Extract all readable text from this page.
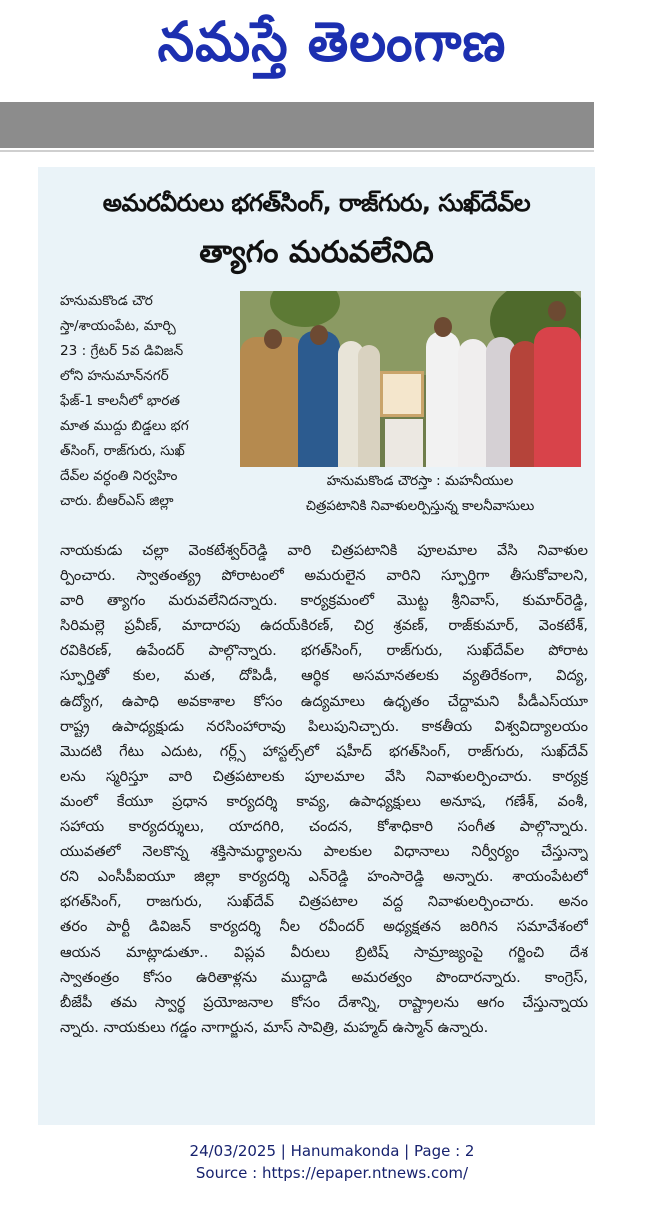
నమస్తే తెలంగాణ
అమరవీరులు భగత్‌సింగ్, రాజ్‌గురు, సుఖ్‌దేవ్‌ల
త్యాగం మరువలేనిది
హనుమకొండ చౌర
స్తా/శాయంపేట, మార్చి
23 : గ్రేటర్ 5వ డివిజన్
లోని హనుమాన్‌నగర్
ఫేజ్-1 కాలనీలో భారత
మాత ముద్దు బిడ్డలు భగ
త్‌సింగ్, రాజ్‌గురు, సుఖ్
దేవ్‌ల వర్ధంతి నిర్వహిం
చారు. బీఆర్‌ఎస్ జిల్లా
హనుమకొండ చౌరస్తా : మహనీయుల
చిత్రపటానికి నివాళులర్పిస్తున్న కాలనీవాసులు
నాయకుడు చల్లా వెంకటేశ్వర్‌రెడ్డి వారి చిత్రపటానికి పూలమాల వేసి నివాళుల
ర్పించారు. స్వాతంత్య్ర పోరాటంలో అమరులైన వారిని స్ఫూర్తిగా తీసుకోవాలని,
వారి త్యాగం మరువలేనిదన్నారు. కార్యక్రమంలో మొట్ట శ్రీనివాస్, కుమార్‌రెడ్డి,
సిరిమల్లె ప్రవీణ్, మాదారపు ఉదయ్‌కిరణ్, చిర్ర శ్రవణ్, రాజ్‌కుమార్, వెంకటేశ్,
రవికిరణ్, ఉపేందర్ పాల్గొన్నారు. భగత్‌సింగ్, రాజ్‌గురు, సుఖ్‌దేవ్‌ల పోరాట
స్ఫూర్తితో కుల, మత, దోపిడీ, ఆర్థిక అసమానతలకు వ్యతిరేకంగా, విద్య,
ఉద్యోగ, ఉపాధి అవకాశాల కోసం ఉద్యమాలు ఉధృతం చేద్దామని పీడీఎస్‌యూ
రాష్ట్ర ఉపాధ్యక్షుడు నరసింహారావు పిలుపునిచ్చారు. కాకతీయ విశ్వవిద్యాలయం
మొదటి గేటు ఎదుట, గర్ల్స్ హాస్టల్స్‌లో షహీద్ భగత్‌సింగ్, రాజ్‌గురు, సుఖ్‌దేవ్
లను స్మరిస్తూ వారి చిత్రపటాలకు పూలమాల వేసి నివాళులర్పించారు. కార్యక్ర
మంలో కేయూ ప్రధాన కార్యదర్శి కావ్య, ఉపాధ్యక్షులు అనూష, గణేశ్, వంశీ,
సహాయ కార్యదర్శులు, యాదగిరి, చందన, కోశాధికారి సంగీత పాల్గొన్నారు.
యువతలో నెలకొన్న శక్తిసామర్థ్యాలను పాలకుల విధానాలు నిర్వీర్యం చేస్తున్నా
రని ఎంసీపీఐయూ జిల్లా కార్యదర్శి ఎన్‌రెడ్డి హంసారెడ్డి అన్నారు. శాయంపేటలో
భగత్‌సింగ్, రాజగురు, సుఖ్‌దేవ్ చిత్రపటాల వద్ద నివాళులర్పించారు. అనం
తరం పార్టీ డివిజన్ కార్యదర్శి నీల రవీందర్ అధ్యక్షతన జరిగిన సమావేశంలో
ఆయన మాట్లాడుతూ.. విప్లవ వీరులు బ్రిటిష్ సామ్రాజ్యంపై గర్జించి దేశ
స్వాతంత్రం కోసం ఉరితాళ్లను ముద్దాడి అమరత్వం పొందారన్నారు. కాంగ్రెస్,
బీజేపీ తమ స్వార్థ ప్రయోజనాల కోసం దేశాన్ని, రాష్ట్రాలను ఆగం చేస్తున్నాయ
న్నారు. నాయకులు గడ్డం నాగార్జున, మాస్ సావిత్రి, మహ్మద్ ఉస్మాన్ ఉన్నారు.
24/03/2025 | Hanumakonda | Page : 2
Source : https://epaper.ntnews.com/
